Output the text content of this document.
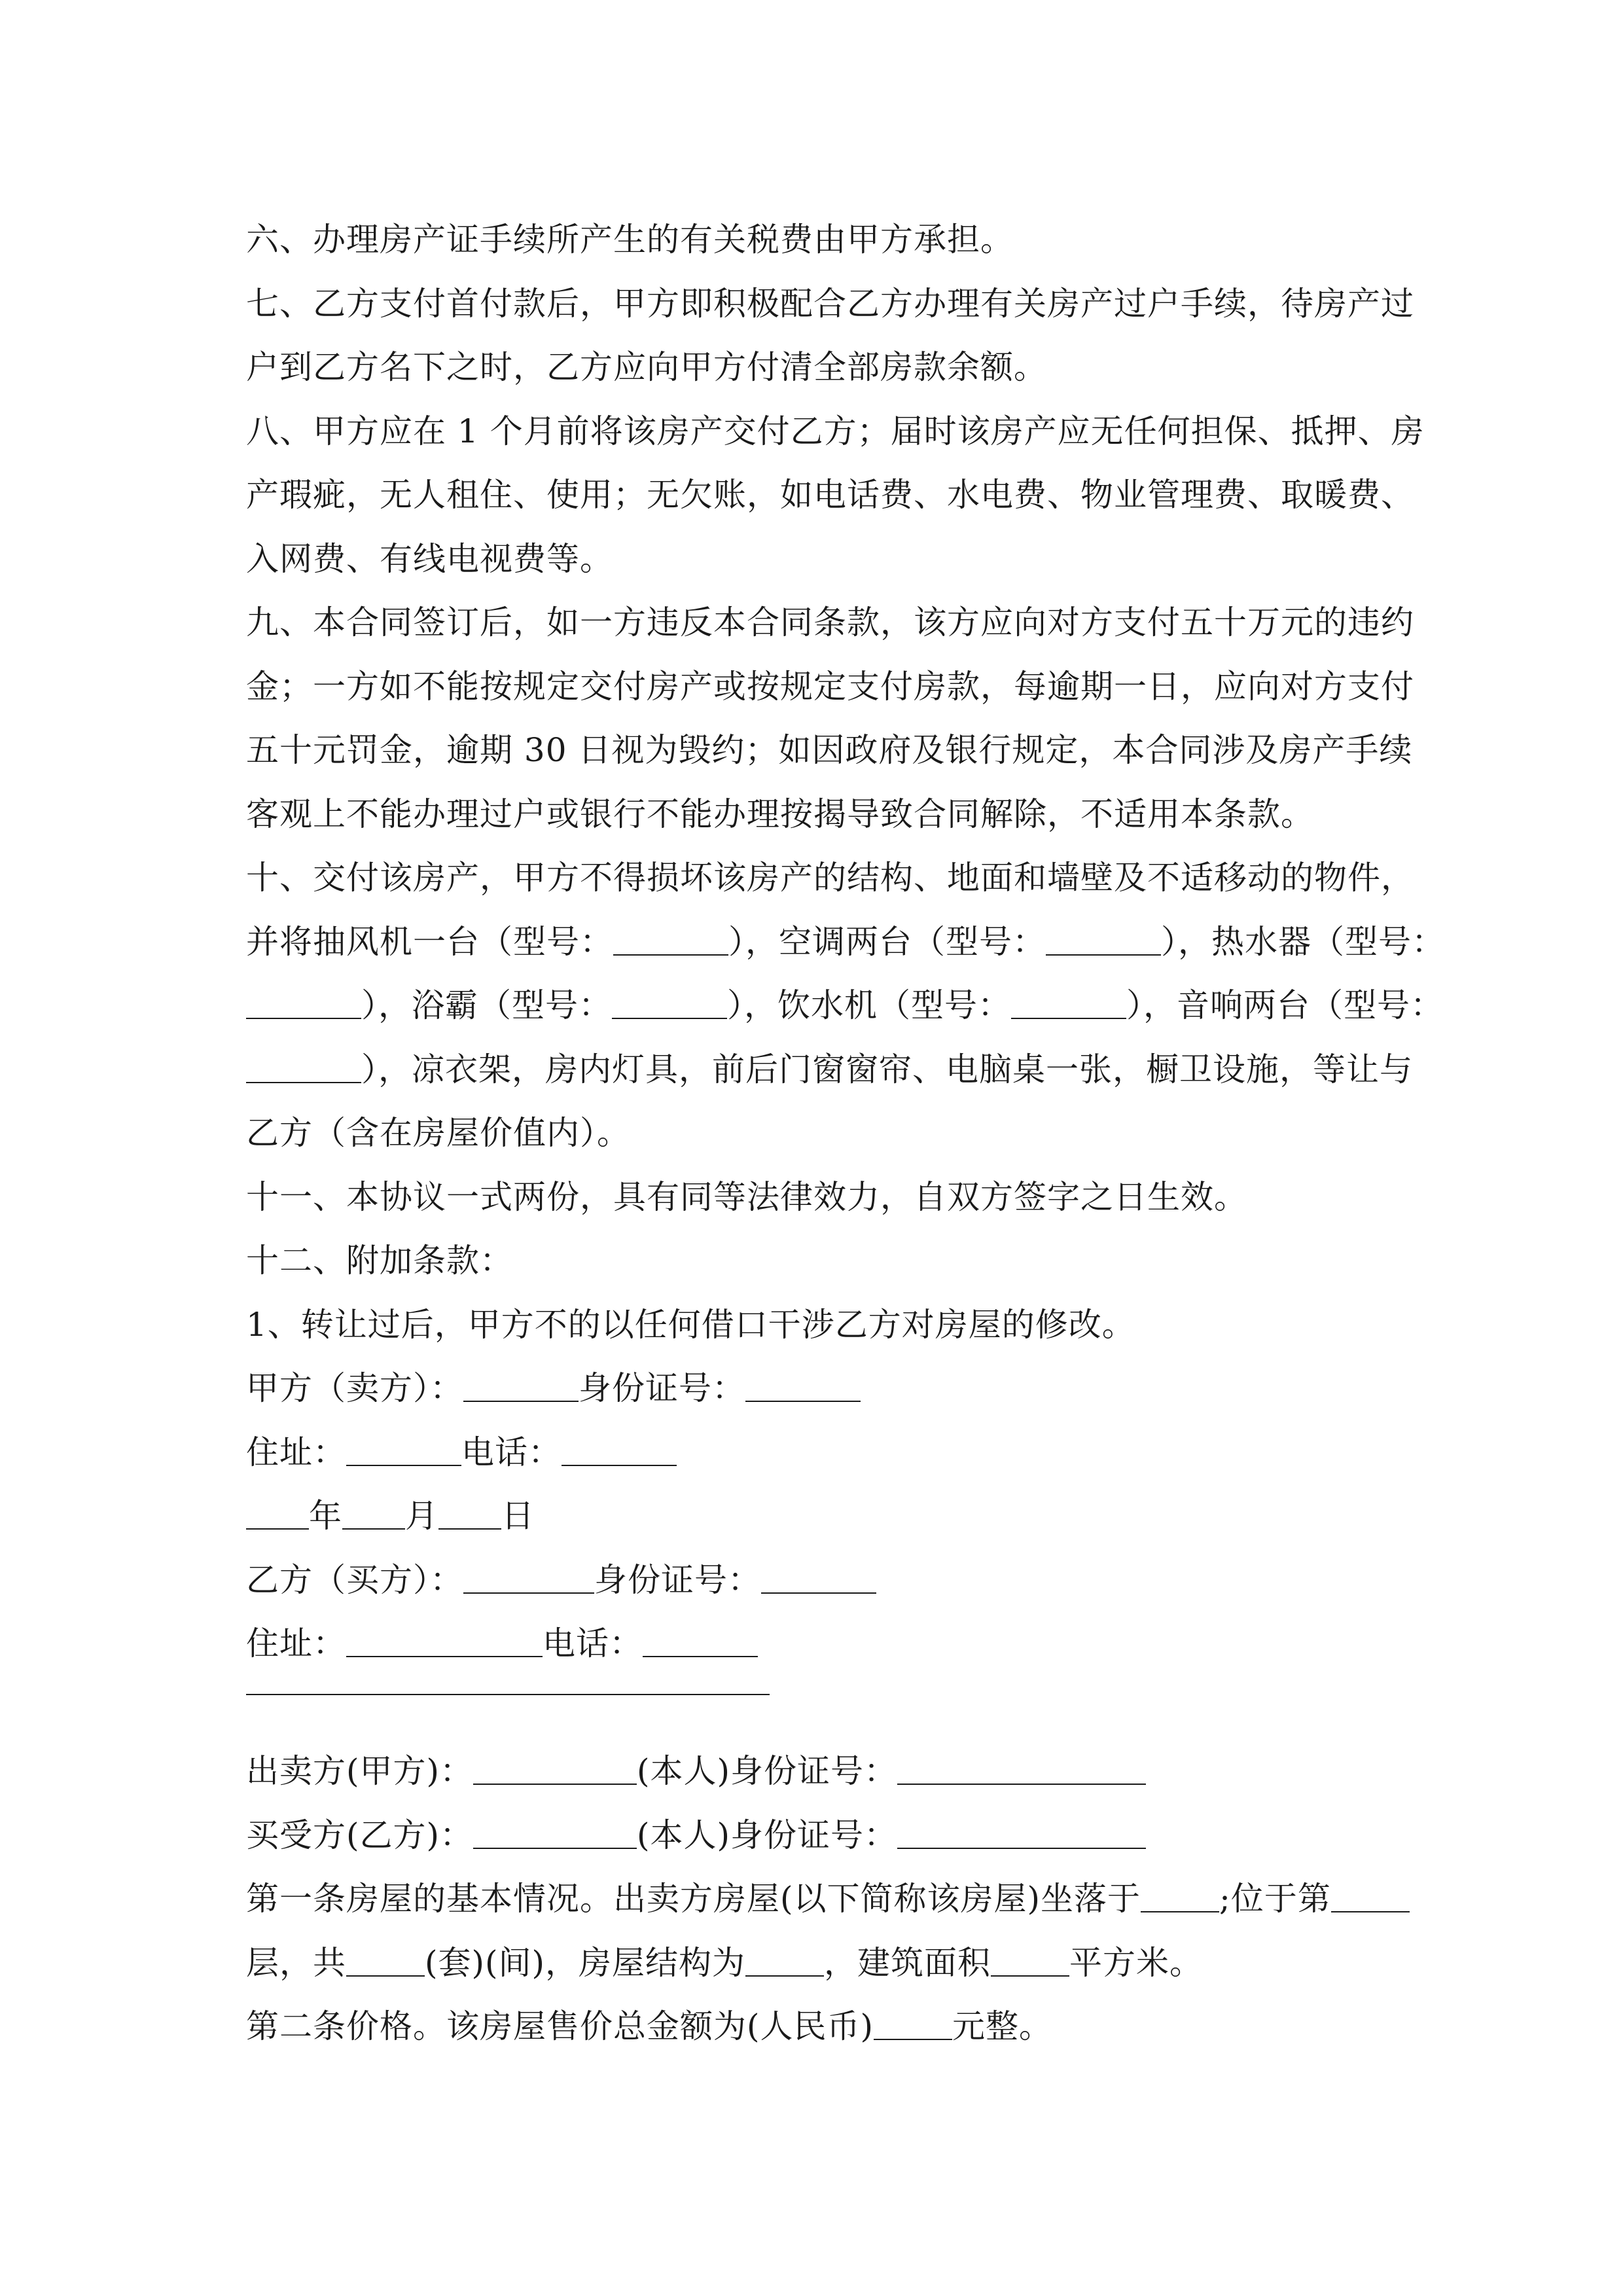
六、办理房产证手续所产生的有关税费由甲方承担。
七、乙方支付首付款后，甲方即积极配合乙方办理有关房产过户手续，待房产过
户到乙方名下之时，乙方应向甲方付清全部房款余额。
八、甲方应在 1 个月前将该房产交付乙方；届时该房产应无任何担保、抵押、房
产瑕疵，无人租住、使用；无欠账，如电话费、水电费、物业管理费、取暖费、
入网费、有线电视费等。
九、本合同签订后，如一方违反本合同条款，该方应向对方支付五十万元的违约
金；一方如不能按规定交付房产或按规定支付房款，每逾期一日，应向对方支付
五十元罚金，逾期 30 日视为毁约；如因政府及银行规定，本合同涉及房产手续
客观上不能办理过户或银行不能办理按揭导致合同解除，不适用本条款。
十、交付该房产，甲方不得损坏该房产的结构、地面和墙壁及不适移动的物件，
并将抽风机一台（型号：	），空调两台（型号：	），热水器（型号：
），浴霸（型号：	），饮水机（型号：	），音响两台（型号：
），凉衣架，房内灯具，前后门窗窗帘、电脑桌一张，橱卫设施，等让与
乙方（含在房屋价值内）。
十一、本协议一式两份，具有同等法律效力，自双方签字之日生效。
十二、附加条款：
1、转让过后，甲方不的以任何借口干涉乙方对房屋的修改。
甲方（卖方）：	身份证号：
住址：	电话：
年 月 日
乙方（买方）：	身份证号：
住址：	电话：
出卖方(甲方)：	(本人)身份证号：
买受方(乙方)：	(本人)身份证号：
第一条房屋的基本情况。出卖方房屋(以下简称该房屋)坐落于 ;位于第
层，共 (套)(间)，房屋结构为 ，建筑面积 平方米。
第二条价格。该房屋售价总金额为(人民币) 元整。
